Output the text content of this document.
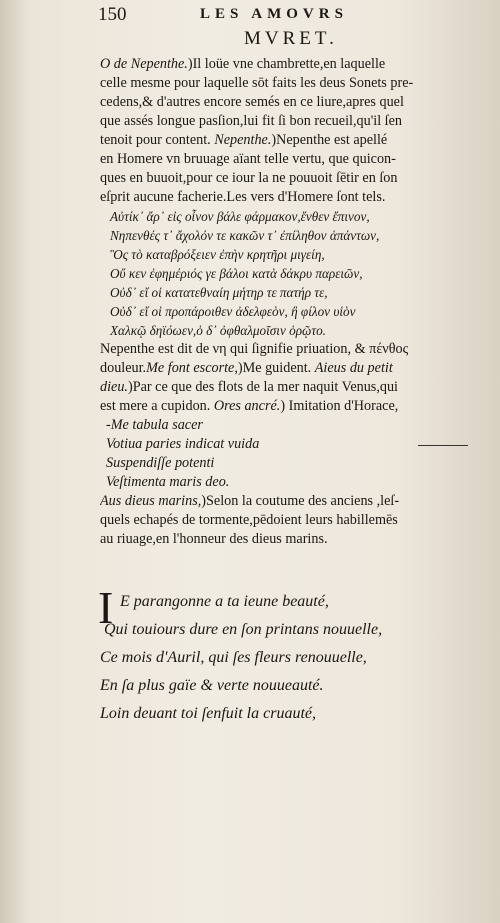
150	LES AMOVRS
MVRET.
O de Nepenthe.)Il loüe vne chambrette,en laquelle
celle mesme pour laquelle sōt faits les deus Sonets pre-
cedens,& d'autres encore semés en ce liure,apres quel
que assés longue pasſion,lui fit ſi bon recueil,qu'il ſen
tenoit pour content. Nepenthe.)Nepenthe est apellé
en Homere vn bruuage aïant telle vertu, que quicon-
ques en buuoit,pour ce iour la ne pouuoit ſētir en ſon
eſprit aucune facherie.Les vers d'Homere ſont tels.
Αὐτίκ᾽ ἄρ᾽ εἰς οἶνον βάλε φάρμακον,ἔνθεν ἔπινον,
Νηπενθές τ᾽ ἄχολόν τε κακῶν τ᾽ ἐπίληθον ἁπάντων,
Ὃς τὸ καταβρόξειεν ἐπὴν κρητῆρι μιγείη,
Οὔ κεν ἐφημέριός γε βάλοι κατὰ δάκρυ παρειῶν,
Οὐδ᾽ εἴ οἱ κατατεθναίη μήτηρ τε πατήρ τε,
Οὐδ᾽ εἴ οἱ προπάροιθεν ἀδελφεὸν, ἢ φίλον υἱὸν
Χαλκῷ δηϊόωεν,ὁ δ᾽ ὀφθαλμοῖσιν ὁρῷτο.
Nepenthe est dit de νη qui ſignifie priuation, & πένθος
douleur.Me font escorte,)Me guident. Aieus du petit
dieu.)Par ce que des flots de la mer naquit Venus,qui
est mere a cupidon. Ores ancré.) Imitation d'Horace,
-Me tabula sacer
Votiua paries indicat vuida
Suspendiſſe potenti
Veſtimenta maris deo.
Aus dieus marins,)Selon la coutume des anciens ,leſ-
quels echapés de tormente,pēdoient leurs habillemēs
au riuage,en l'honneur des dieus marins.
I E parangonne a ta ieune beauté,
Qui touiours dure en ſon printans nouuelle,
Ce mois d'Auril, qui ſes fleurs renouuelle,
En ſa plus gaïe & verte nouueauté.
Loin deuant toi ſenfuit la cruauté,
